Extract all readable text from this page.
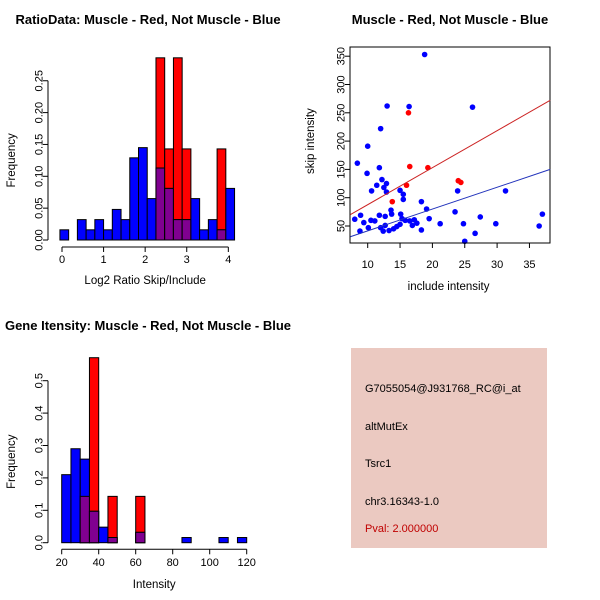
0	1	2	3	4
0.00
0.05
0.10
0.15
0.20
0.25
RatioData: Muscle - Red, Not Muscle - Blue
Log2 Ratio Skip/Include
Frequency
10 15 20 25 30 35
50
100
150
200
250
300
350
Muscle - Red, Not Muscle - Blue
include intensity
skip intensity
20 40 60 80 100 120
0.0
0.1
0.2
0.3
0.4
0.5
Gene Itensity: Muscle - Red, Not Muscle - Blue
Intensity
Frequency
G7055054@J931768_RC@i_at
altMutEx
Tsrc1
chr3.16343-1.0
Pval: 2.000000
